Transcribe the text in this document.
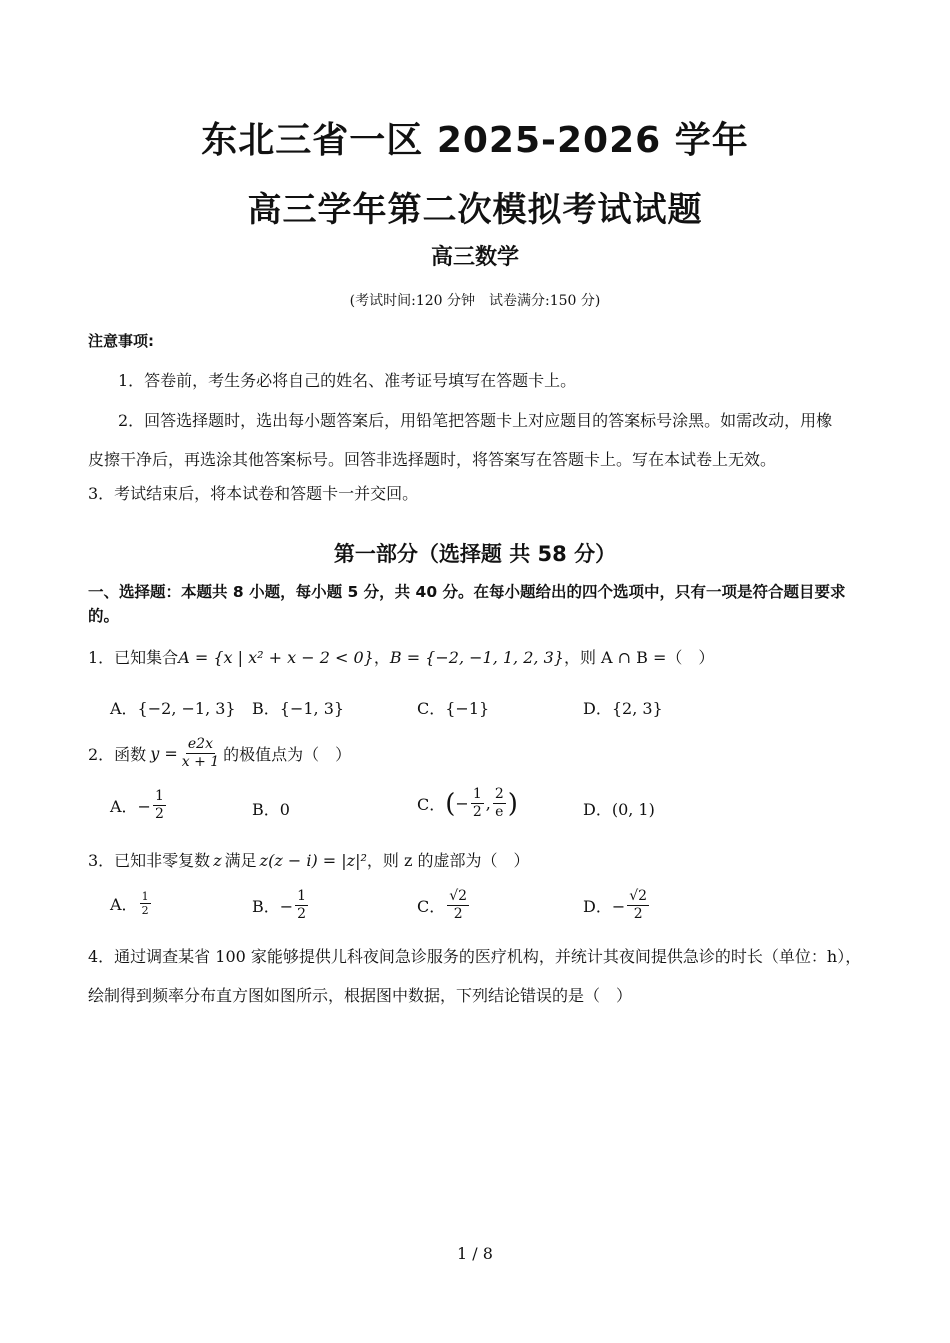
东北三省一区 2025-2026 学年
高三学年第二次模拟考试试题
高三数学
(考试时间:120 分钟　试卷满分:150 分)
注意事项:
1．答卷前，考生务必将自己的姓名、准考证号填写在答题卡上。
2．回答选择题时，选出每小题答案后，用铅笔把答题卡上对应题目的答案标号涂黑。如需改动，用橡
皮擦干净后，再选涂其他答案标号。回答非选择题时，将答案写在答题卡上。写在本试卷上无效。
3．考试结束后，将本试卷和答题卡一并交回。
第一部分（选择题 共 58 分）
一、选择题：本题共 8 小题，每小题 5 分，共 40 分。在每小题给出的四个选项中，只有一项是符合题目要求的。
1．已知集合A = {x | x² + x − 2 < 0}，B = {−2, −1, 1, 2, 3}，则 A ∩ B =（　）
A．{−2, −1, 3} B．{−1, 3}	C．{−1}	D．{2, 3}
2．函数 $y = \frac{e2x}{x + 1}$ 的极值点为（　）
A．− $\frac{1}{2}$	B．0	C． ( − $\frac{1}{2}$ , $\frac{2}{e}$ )	D．(0, 1)
3．已知非零复数 z 满足 z(z − i) = |z|²，则 z 的虚部为（　）
A． $\frac{1}{2}$	B．− $\frac{1}{2}$	C． $\frac{√2}{2}$	D．− $\frac{√2}{2}$
4．通过调查某省 100 家能够提供儿科夜间急诊服务的医疗机构，并统计其夜间提供急诊的时长（单位：h），
绘制得到频率分布直方图如图所示，根据图中数据，下列结论错误的是（　）
1 / 8
